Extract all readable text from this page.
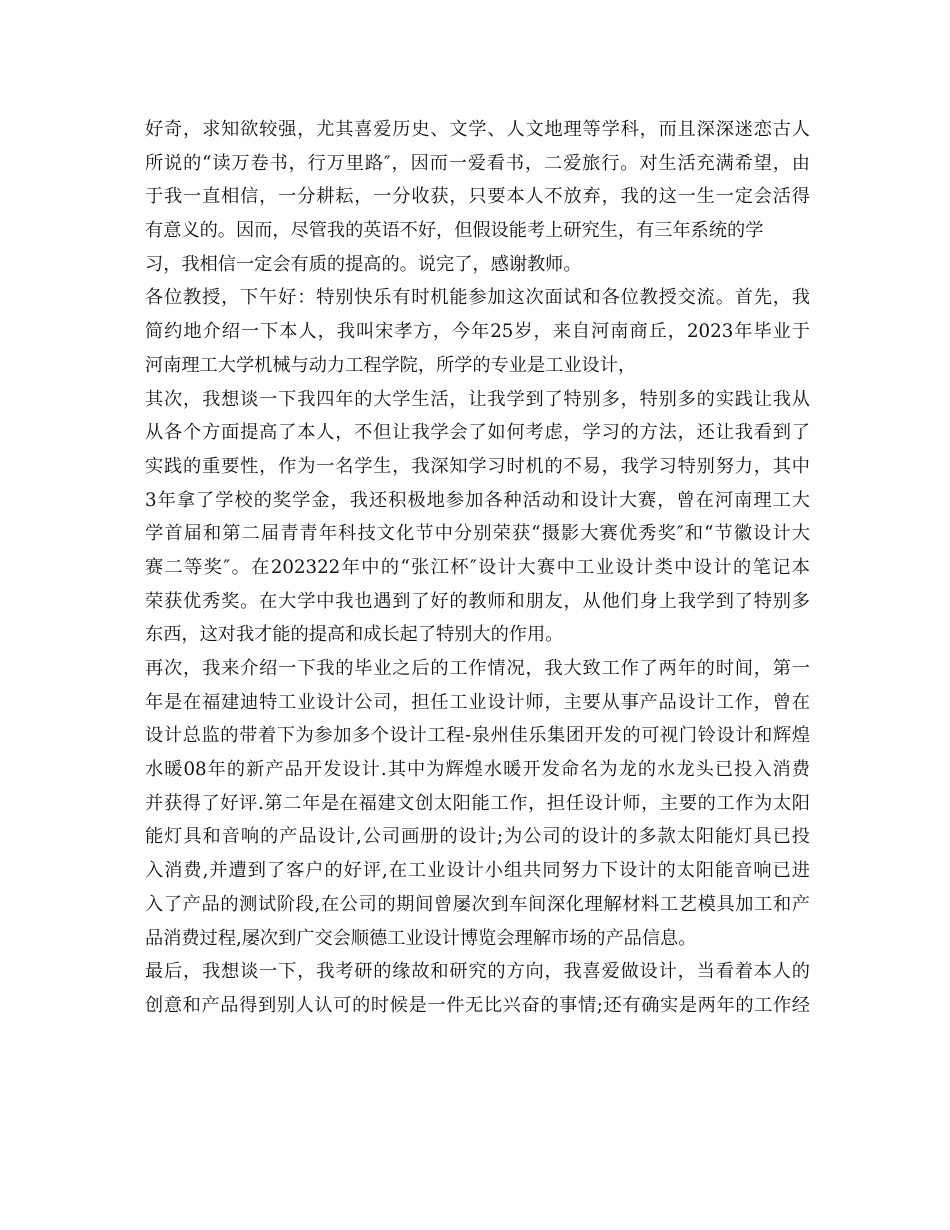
好奇，求知欲较强，尤其喜爱历史、文学、人文地理等学科，而且深深迷恋古人
所说的“读万卷书，行万里路″，因而一爱看书，二爱旅行。对生活充满希望，由
于我一直相信，一分耕耘，一分收获，只要本人不放弃，我的这一生一定会活得
有意义的。因而，尽管我的英语不好，但假设能考上研究生，有三年系统的学
习，我相信一定会有质的提高的。说完了，感谢教师。
各位教授，下午好：特别快乐有时机能参加这次面试和各位教授交流。首先，我
简约地介绍一下本人，我叫宋孝方，今年25岁，来自河南商丘，2023年毕业于
河南理工大学机械与动力工程学院，所学的专业是工业设计，
其次，我想谈一下我四年的大学生活，让我学到了特别多，特别多的实践让我从
从各个方面提高了本人，不但让我学会了如何考虑，学习的方法，还让我看到了
实践的重要性，作为一名学生，我深知学习时机的不易，我学习特别努力，其中
3年拿了学校的奖学金，我还积极地参加各种活动和设计大赛，曾在河南理工大
学首届和第二届青青年科技文化节中分别荣获“摄影大赛优秀奖″和“节徽设计大
赛二等奖″。在202322年中的“张江杯″设计大赛中工业设计类中设计的笔记本
荣获优秀奖。在大学中我也遇到了好的教师和朋友，从他们身上我学到了特别多
东西，这对我才能的提高和成长起了特别大的作用。
再次，我来介绍一下我的毕业之后的工作情况，我大致工作了两年的时间，第一
年是在福建迪特工业设计公司，担任工业设计师，主要从事产品设计工作，曾在
设计总监的带着下为参加多个设计工程-泉州佳乐集团开发的可视门铃设计和辉煌
水暖08年的新产品开发设计.其中为辉煌水暖开发命名为龙的水龙头已投入消费
并获得了好评.第二年是在福建文创太阳能工作，担任设计师，主要的工作为太阳
能灯具和音响的产品设计,公司画册的设计;为公司的设计的多款太阳能灯具已投
入消费,并遭到了客户的好评,在工业设计小组共同努力下设计的太阳能音响已进
入了产品的测试阶段,在公司的期间曾屡次到车间深化理解材料工艺模具加工和产
品消费过程,屡次到广交会顺德工业设计博览会理解市场的产品信息。
最后，我想谈一下，我考研的缘故和研究的方向，我喜爱做设计，当看着本人的
创意和产品得到别人认可的时候是一件无比兴奋的事情;还有确实是两年的工作经
